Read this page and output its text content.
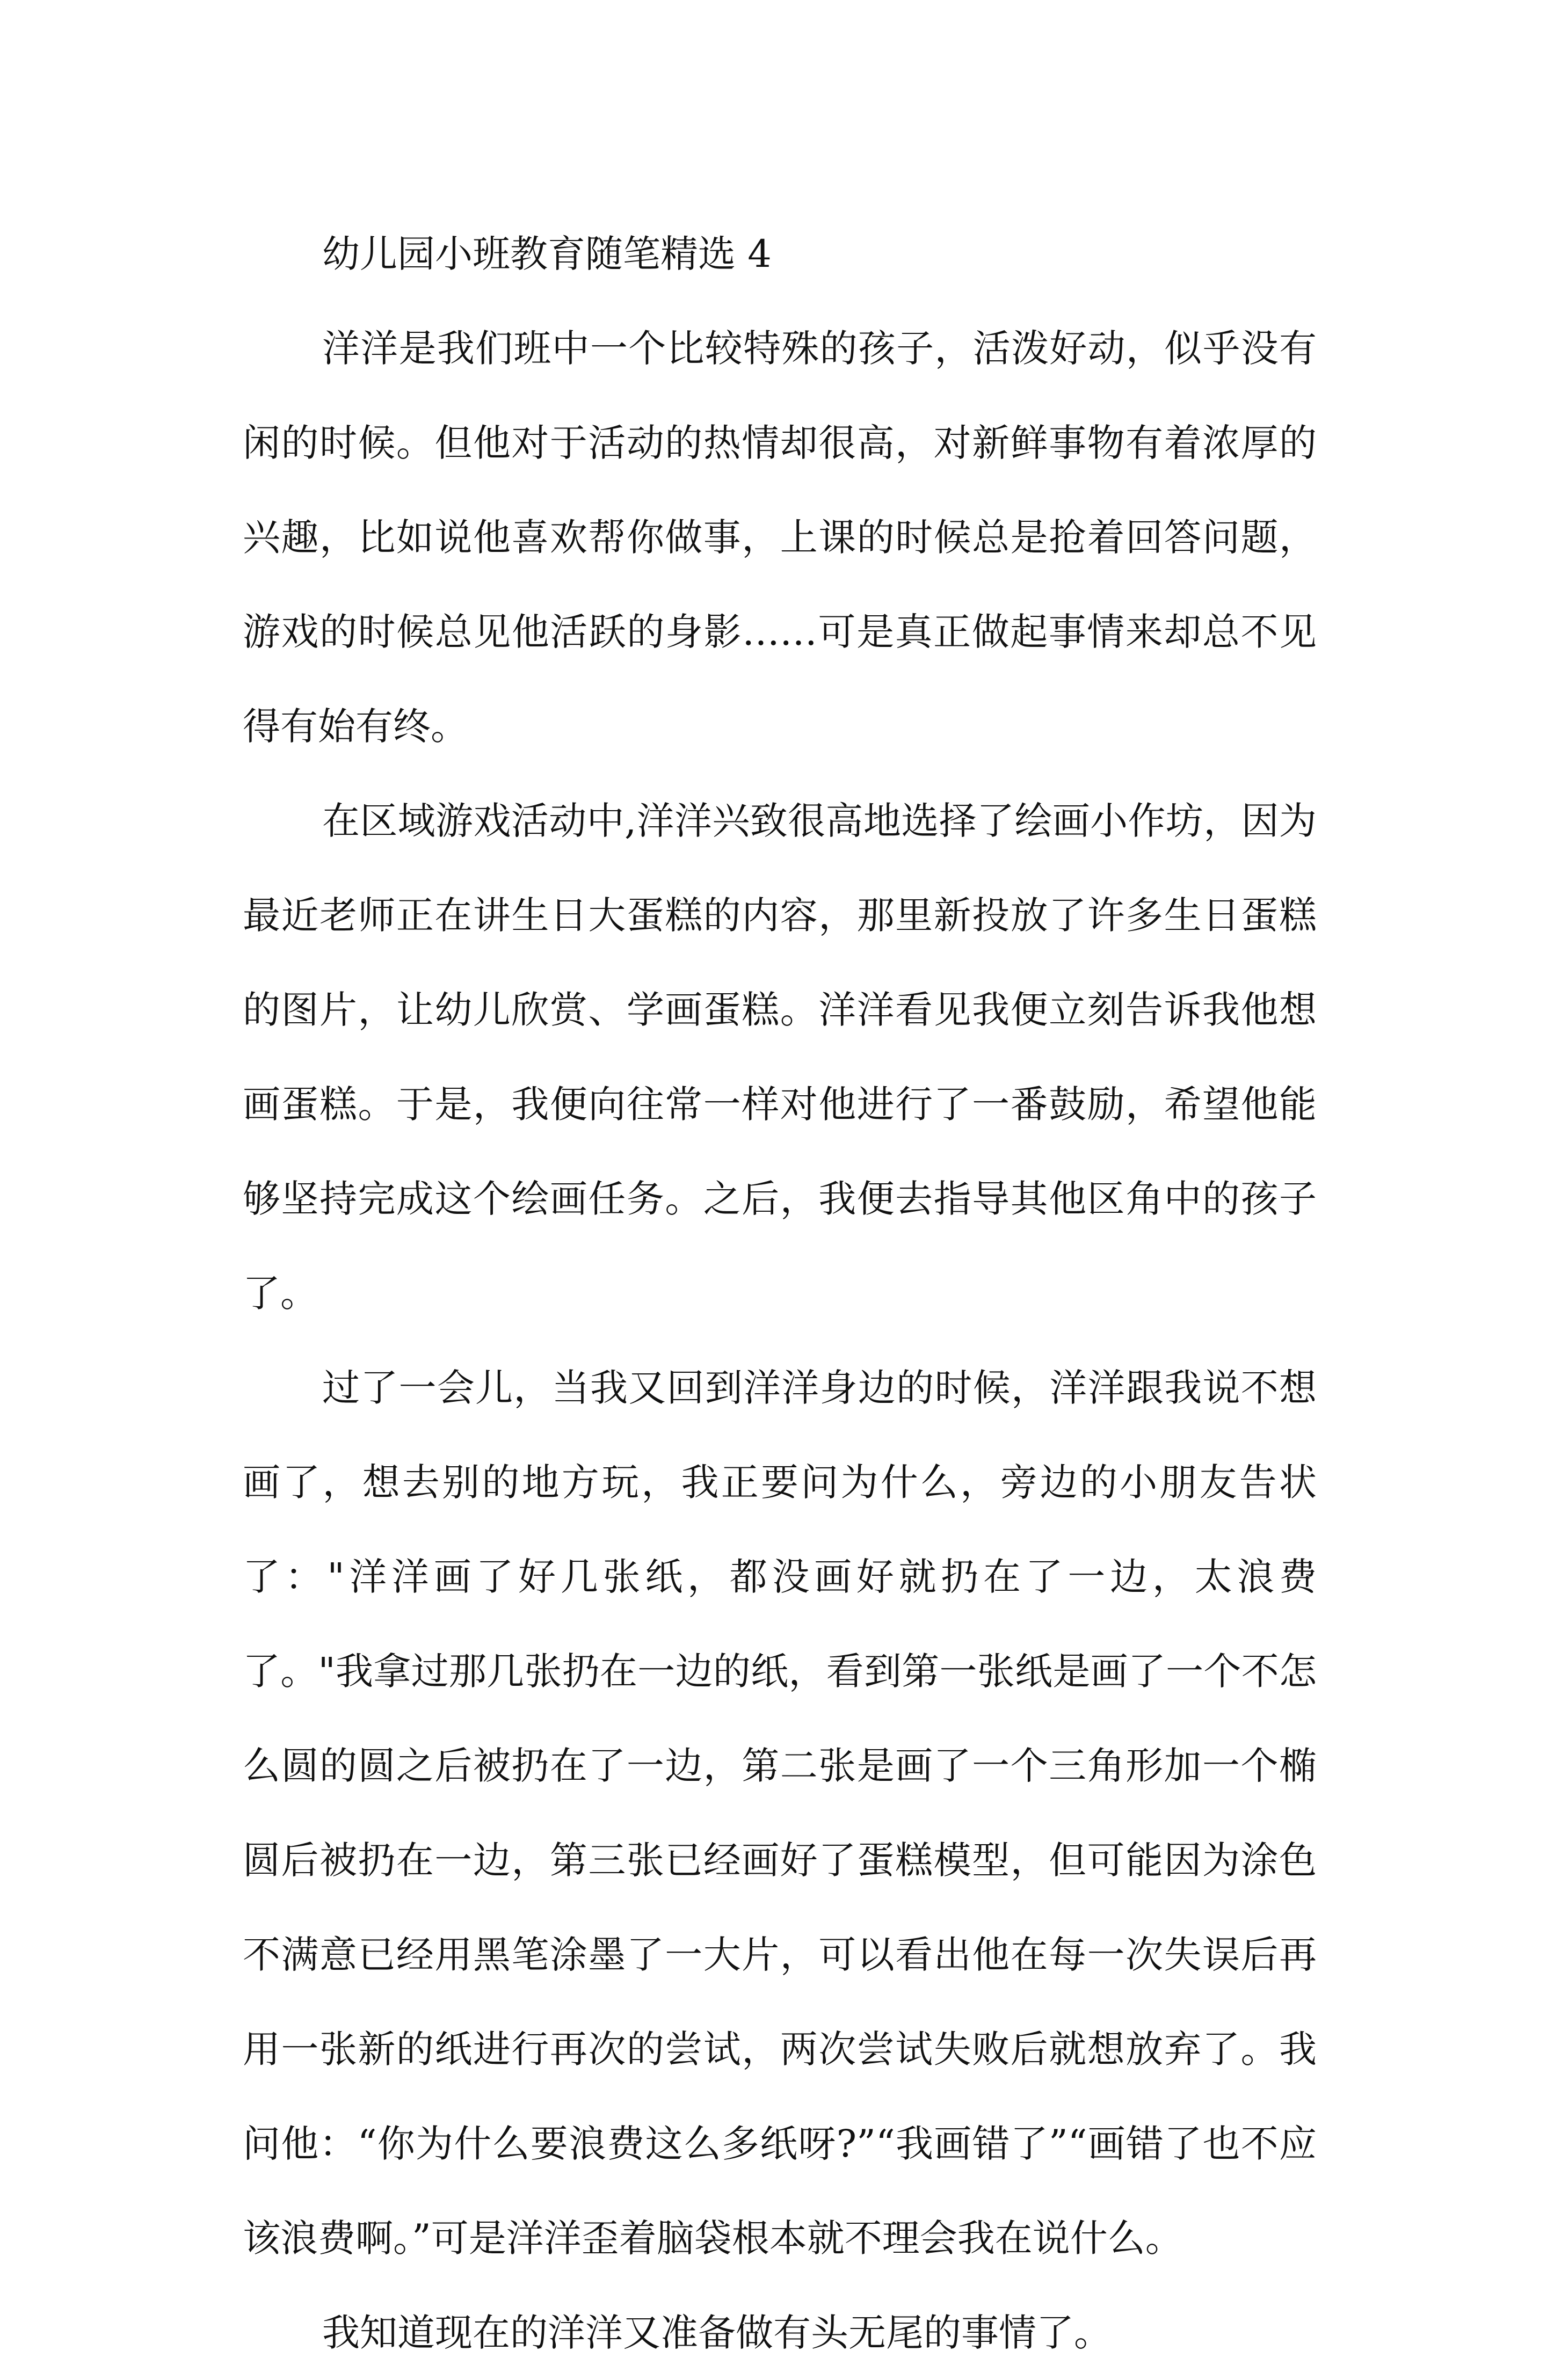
幼儿园小班教育随笔精选 4

洋洋是我们班中一个比较特殊的孩子，活泼好动，似乎没有闲的时候。但他对于活动的热情却很高，对新鲜事物有着浓厚的兴趣，比如说他喜欢帮你做事，上课的时候总是抢着回答问题，游戏的时候总见他活跃的身影……可是真正做起事情来却总不见得有始有终。

在区域游戏活动中,洋洋兴致很高地选择了绘画小作坊，因为最近老师正在讲生日大蛋糕的内容，那里新投放了许多生日蛋糕的图片，让幼儿欣赏、学画蛋糕。洋洋看见我便立刻告诉我他想画蛋糕。于是，我便向往常一样对他进行了一番鼓励，希望他能够坚持完成这个绘画任务。之后，我便去指导其他区角中的孩子了。

过了一会儿，当我又回到洋洋身边的时候，洋洋跟我说不想画了，想去别的地方玩，我正要问为什么，旁边的小朋友告状了："洋洋画了好几张纸，都没画好就扔在了一边，太浪费了。"我拿过那几张扔在一边的纸，看到第一张纸是画了一个不怎么圆的圆之后被扔在了一边，第二张是画了一个三角形加一个椭圆后被扔在一边，第三张已经画好了蛋糕模型，但可能因为涂色不满意已经用黑笔涂墨了一大片，可以看出他在每一次失误后再用一张新的纸进行再次的尝试，两次尝试失败后就想放弃了。我问他：“你为什么要浪费这么多纸呀?”“我画错了”“画错了也不应该浪费啊。”可是洋洋歪着脑袋根本就不理会我在说什么。

我知道现在的洋洋又准备做有头无尾的事情了。
